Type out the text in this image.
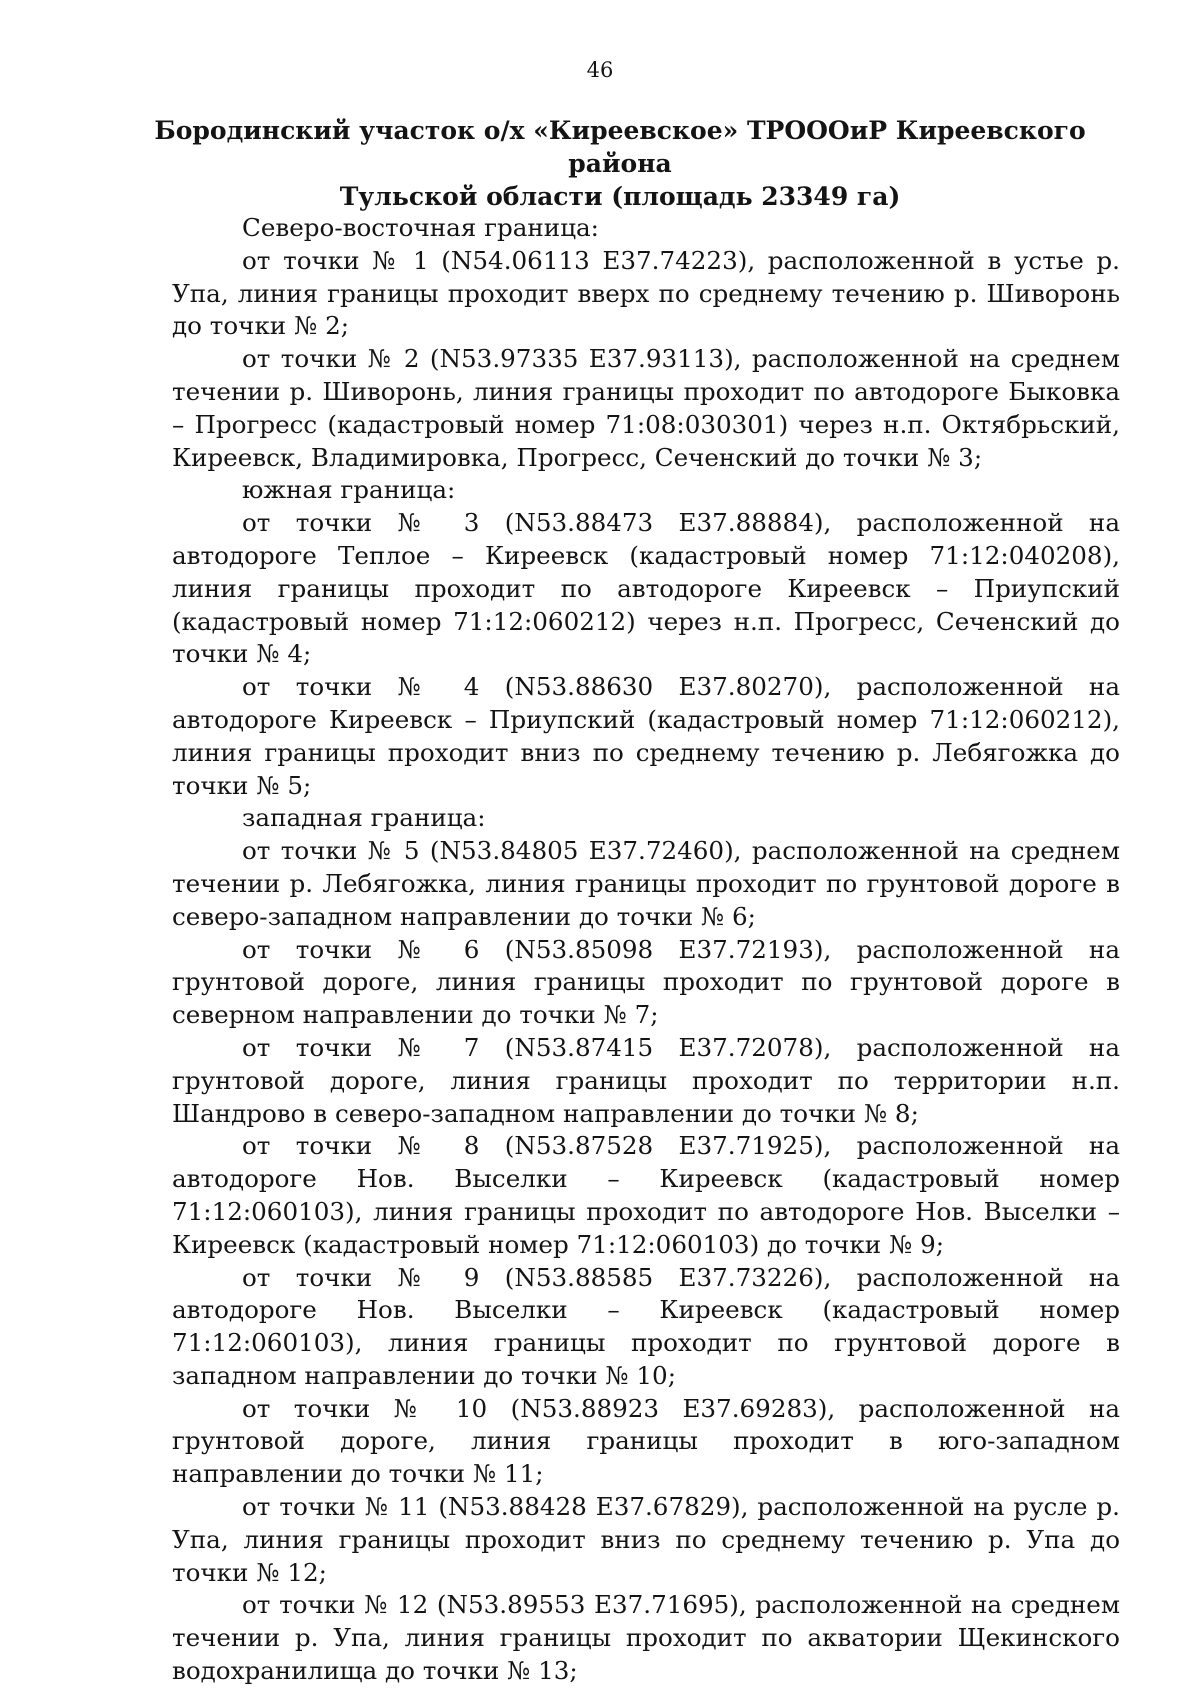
46
Бородинский участок о/х «Киреевское» ТРОООиР Киреевского района
Тульской области (площадь 23349 га)

Северо-восточная граница:

от точки № 1 (N54.06113 E37.74223), расположенной в устье р. Упа, линия границы проходит вверх по среднему течению р. Шиворонь до точки № 2;

от точки № 2 (N53.97335 E37.93113), расположенной на среднем течении р. Шиворонь, линия границы проходит по автодороге Быковка – Прогресс (кадастровый номер 71:08:030301) через н.п. Октябрьский, Киреевск, Владимировка, Прогресс, Сеченский до точки № 3;

южная граница:

от точки № 3 (N53.88473 E37.88884), расположенной на автодороге Теплое – Киреевск (кадастровый номер 71:12:040208), линия границы проходит по автодороге Киреевск – Приупский (кадастровый номер 71:12:060212) через н.п. Прогресс, Сеченский до точки № 4;

от точки № 4 (N53.88630 E37.80270), расположенной на автодороге Киреевск – Приупский (кадастровый номер 71:12:060212), линия границы проходит вниз по среднему течению р. Лебягожка до точки № 5;

западная граница:

от точки № 5 (N53.84805 E37.72460), расположенной на среднем течении р. Лебягожка, линия границы проходит по грунтовой дороге в северо-западном направлении до точки № 6;

от точки № 6 (N53.85098 E37.72193), расположенной на грунтовой дороге, линия границы проходит по грунтовой дороге в северном направлении до точки № 7;

от точки № 7 (N53.87415 E37.72078), расположенной на грунтовой дороге, линия границы проходит по территории н.п. Шандрово в северо-западном направлении до точки № 8;

от точки № 8 (N53.87528 E37.71925), расположенной на автодороге Нов. Выселки – Киреевск (кадастровый номер 71:12:060103), линия границы проходит по автодороге Нов. Выселки – Киреевск (кадастровый номер 71:12:060103) до точки № 9;

от точки № 9 (N53.88585 E37.73226), расположенной на автодороге Нов. Выселки – Киреевск (кадастровый номер 71:12:060103), линия границы проходит по грунтовой дороге в западном направлении до точки № 10;

от точки № 10 (N53.88923 E37.69283), расположенной на грунтовой дороге, линия границы проходит в юго-западном направлении до точки № 11;

от точки № 11 (N53.88428 E37.67829), расположенной на русле р. Упа, линия границы проходит вниз по среднему течению р. Упа до точки № 12;

от точки № 12 (N53.89553 E37.71695), расположенной на среднем течении р. Упа, линия границы проходит по акватории Щекинского водохранилища до точки № 13;
